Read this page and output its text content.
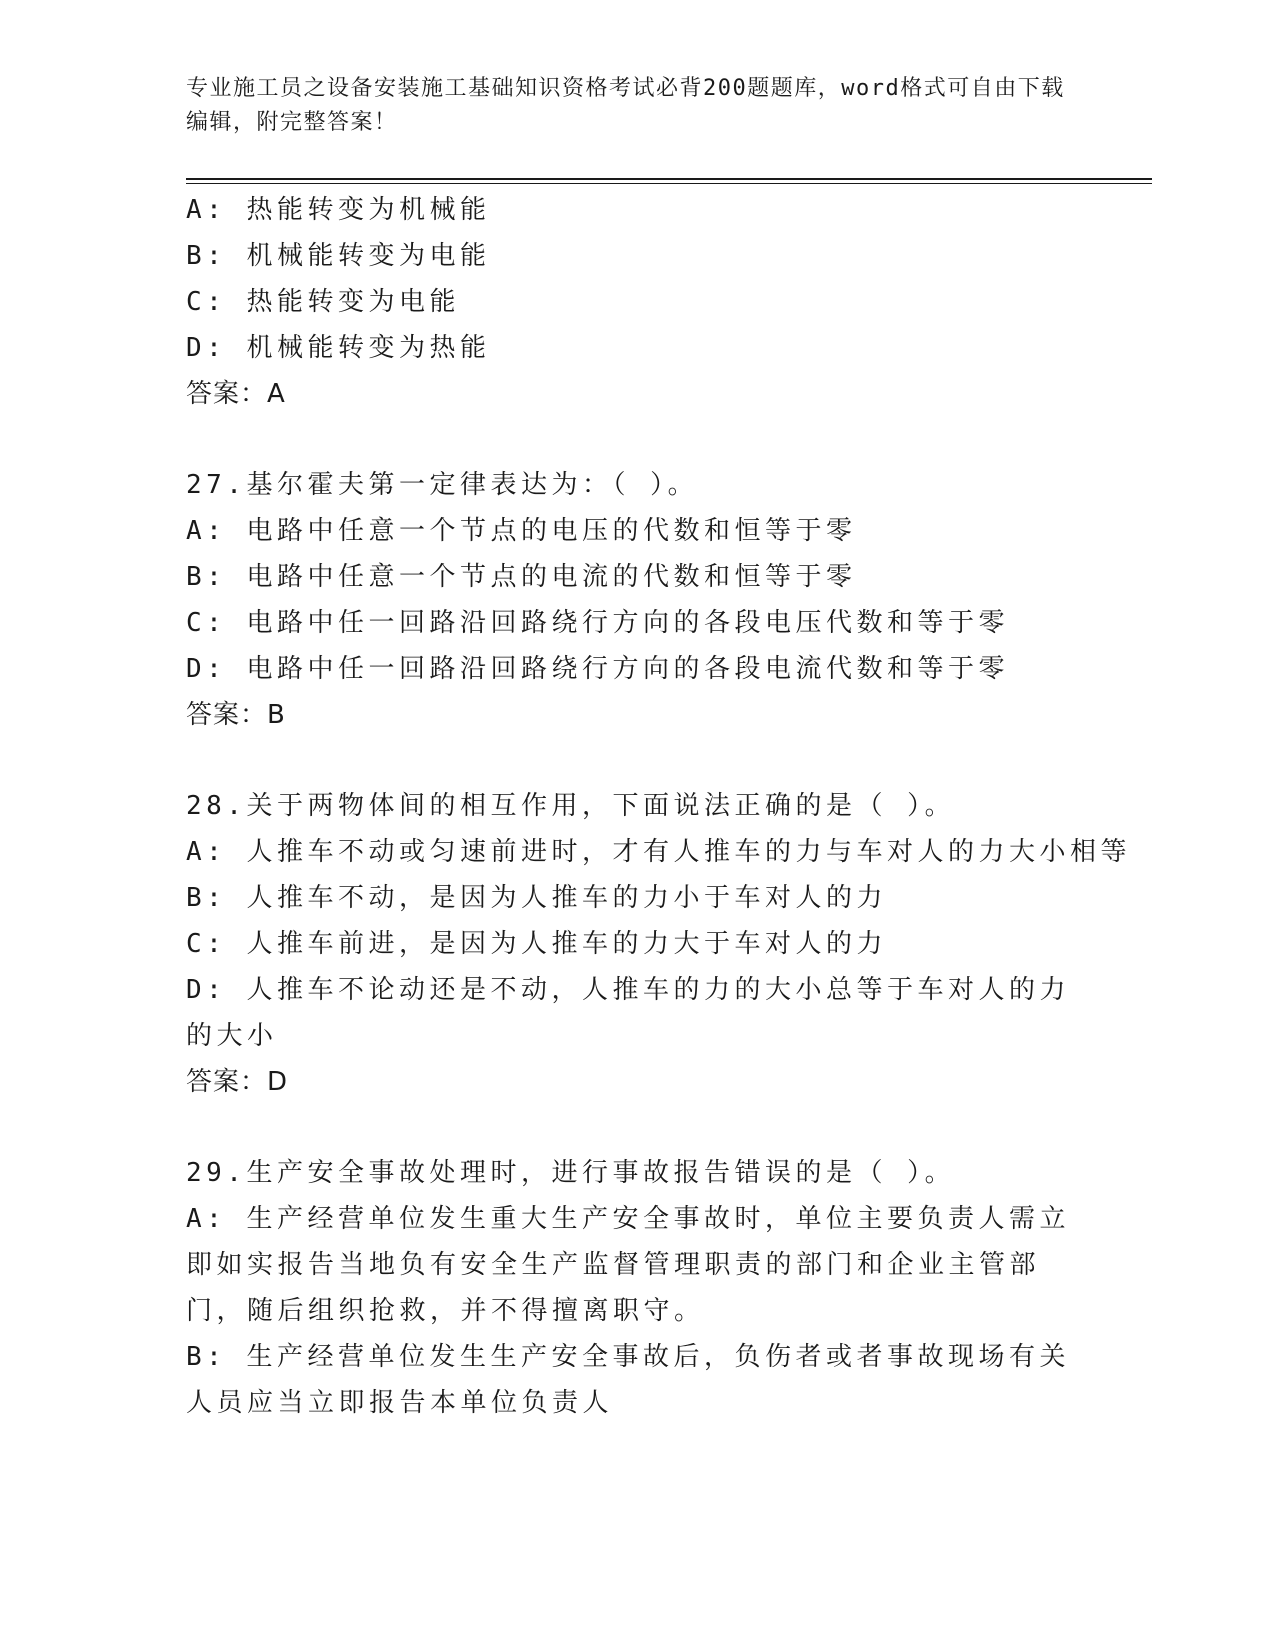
专业施工员之设备安装施工基础知识资格考试必背200题题库，word格式可自由下载编辑，附完整答案！
A: 热能转变为机械能
B: 机械能转变为电能
C: 热能转变为电能
D: 机械能转变为热能
答案：A
27.基尔霍夫第一定律表达为：（ ）。
A: 电路中任意一个节点的电压的代数和恒等于零
B: 电路中任意一个节点的电流的代数和恒等于零
C: 电路中任一回路沿回路绕行方向的各段电压代数和等于零
D: 电路中任一回路沿回路绕行方向的各段电流代数和等于零
答案：B
28.关于两物体间的相互作用，下面说法正确的是（ ）。
A: 人推车不动或匀速前进时，才有人推车的力与车对人的力大小相等
B: 人推车不动，是因为人推车的力小于车对人的力
C: 人推车前进，是因为人推车的力大于车对人的力
D: 人推车不论动还是不动，人推车的力的大小总等于车对人的力的大小
答案：D
29.生产安全事故处理时，进行事故报告错误的是（ ）。
A: 生产经营单位发生重大生产安全事故时，单位主要负责人需立即如实报告当地负有安全生产监督管理职责的部门和企业主管部门，随后组织抢救，并不得擅离职守。
B: 生产经营单位发生生产安全事故后，负伤者或者事故现场有关人员应当立即报告本单位负责人
